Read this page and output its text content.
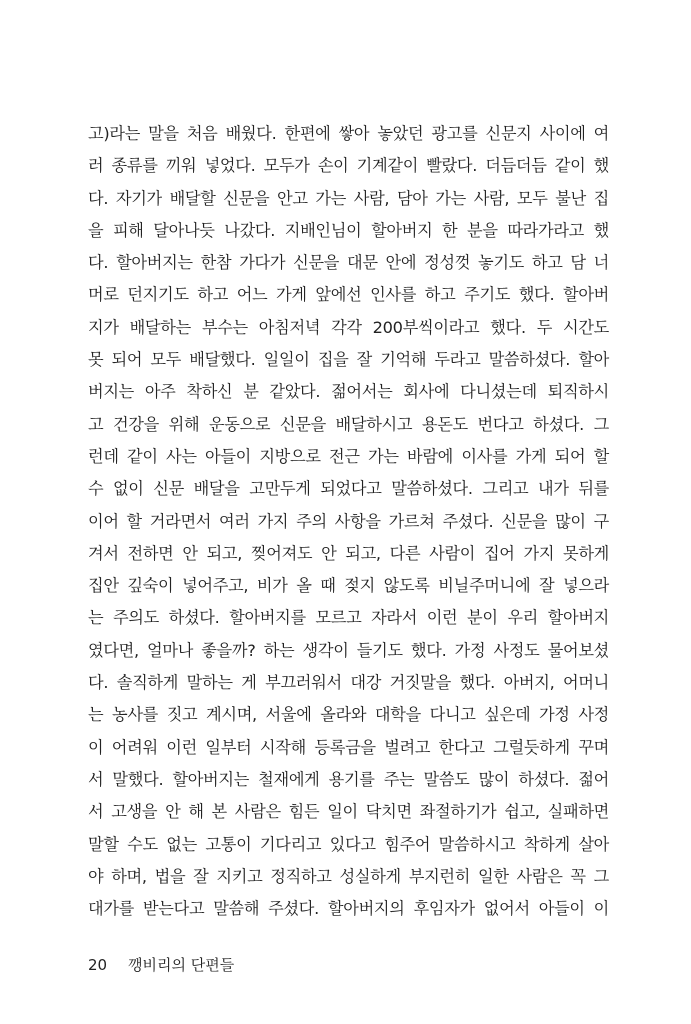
고)라는 말을 처음 배웠다. 한편에 쌓아 놓았던 광고를 신문지 사이에 여
러 종류를 끼워 넣었다. 모두가 손이 기계같이 빨랐다. 더듬더듬 같이 했
다. 자기가 배달할 신문을 안고 가는 사람, 담아 가는 사람, 모두 불난 집
을 피해 달아나듯 나갔다. 지배인님이 할아버지 한 분을 따라가라고 했
다. 할아버지는 한참 가다가 신문을 대문 안에 정성껏 놓기도 하고 담 너
머로 던지기도 하고 어느 가게 앞에선 인사를 하고 주기도 했다. 할아버
지가 배달하는 부수는 아침저녁 각각 200부씩이라고 했다. 두 시간도
못 되어 모두 배달했다. 일일이 집을 잘 기억해 두라고 말씀하셨다. 할아
버지는 아주 착하신 분 같았다. 젊어서는 회사에 다니셨는데 퇴직하시
고 건강을 위해 운동으로 신문을 배달하시고 용돈도 번다고 하셨다. 그
런데 같이 사는 아들이 지방으로 전근 가는 바람에 이사를 가게 되어 할
수 없이 신문 배달을 고만두게 되었다고 말씀하셨다. 그리고 내가 뒤를
이어 할 거라면서 여러 가지 주의 사항을 가르쳐 주셨다. 신문을 많이 구
겨서 전하면 안 되고, 찢어져도 안 되고, 다른 사람이 집어 가지 못하게
집안 깊숙이 넣어주고, 비가 올 때 젖지 않도록 비닐주머니에 잘 넣으라
는 주의도 하셨다. 할아버지를 모르고 자라서 이런 분이 우리 할아버지
였다면, 얼마나 좋을까? 하는 생각이 들기도 했다. 가정 사정도 물어보셨
다. 솔직하게 말하는 게 부끄러워서 대강 거짓말을 했다. 아버지, 어머니
는 농사를 짓고 계시며, 서울에 올라와 대학을 다니고 싶은데 가정 사정
이 어려워 이런 일부터 시작해 등록금을 벌려고 한다고 그럴듯하게 꾸며
서 말했다. 할아버지는 철재에게 용기를 주는 말씀도 많이 하셨다. 젊어
서 고생을 안 해 본 사람은 힘든 일이 닥치면 좌절하기가 쉽고, 실패하면
말할 수도 없는 고통이 기다리고 있다고 힘주어 말씀하시고 착하게 살아
야 하며, 법을 잘 지키고 정직하고 성실하게 부지런히 일한 사람은 꼭 그
대가를 받는다고 말씀해 주셨다. 할아버지의 후임자가 없어서 아들이 이
20 깽비리의 단편들
